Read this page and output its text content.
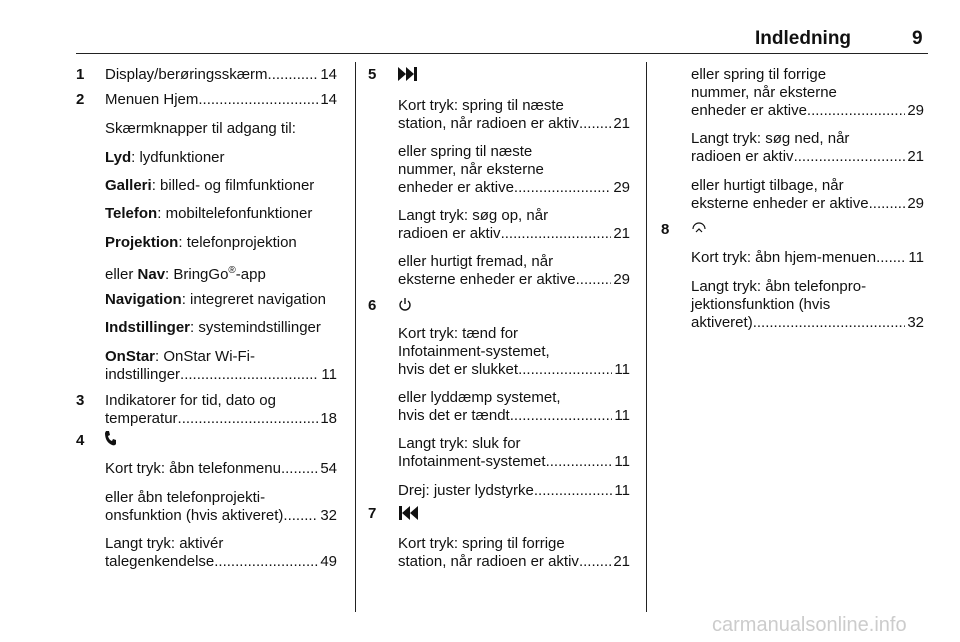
Indledning	9
1 Display/berøringsskærm .....	14
2 Menuen Hjem .....	14
Skærmknapper til adgang til:
Lyd: lydfunktioner
Galleri: billed- og filmfunktioner
Telefon: mobiltelefonfunktioner
Projektion: telefonprojektion
eller Nav: BringGo®-app
Navigation: integreret navigation
Indstillinger: systemindstillinger
OnStar: OnStar Wi-Fi-
indstillinger .....	11
3 Indikatorer for tid, dato og
temperatur .....	18
4
Kort tryk: åbn telefonmenu .....	54
eller åbn telefonprojekti-
onsfunktion (hvis aktiveret) ..... 32
Langt tryk: aktivér
talegenkendelse .....	49
5
Kort tryk: spring til næste
station, når radioen er aktiv ..... 21
eller spring til næste
nummer, når eksterne
enheder er aktive .....	29
Langt tryk: søg op, når
radioen er aktiv .....	21
eller hurtigt fremad, når
eksterne enheder er aktive .....	29
6
Kort tryk: tænd for
Infotainment-systemet,
hvis det er slukket .....	11
eller lyddæmp systemet,
hvis det er tændt .....	11
Langt tryk: sluk for
Infotainment-systemet .....	11
Drej: juster lydstyrke .....	11
7
Kort tryk: spring til forrige
station, når radioen er aktiv ..... 21
eller spring til forrige
nummer, når eksterne
enheder er aktive .....	29
Langt tryk: søg ned, når
radioen er aktiv .....	21
eller hurtigt tilbage, når
eksterne enheder er aktive .....	29
8
Kort tryk: åbn hjem-menuen ..... 11
Langt tryk: åbn telefonpro-
jektionsfunktion (hvis
aktiveret) .....	32
carmanualsonline.info
